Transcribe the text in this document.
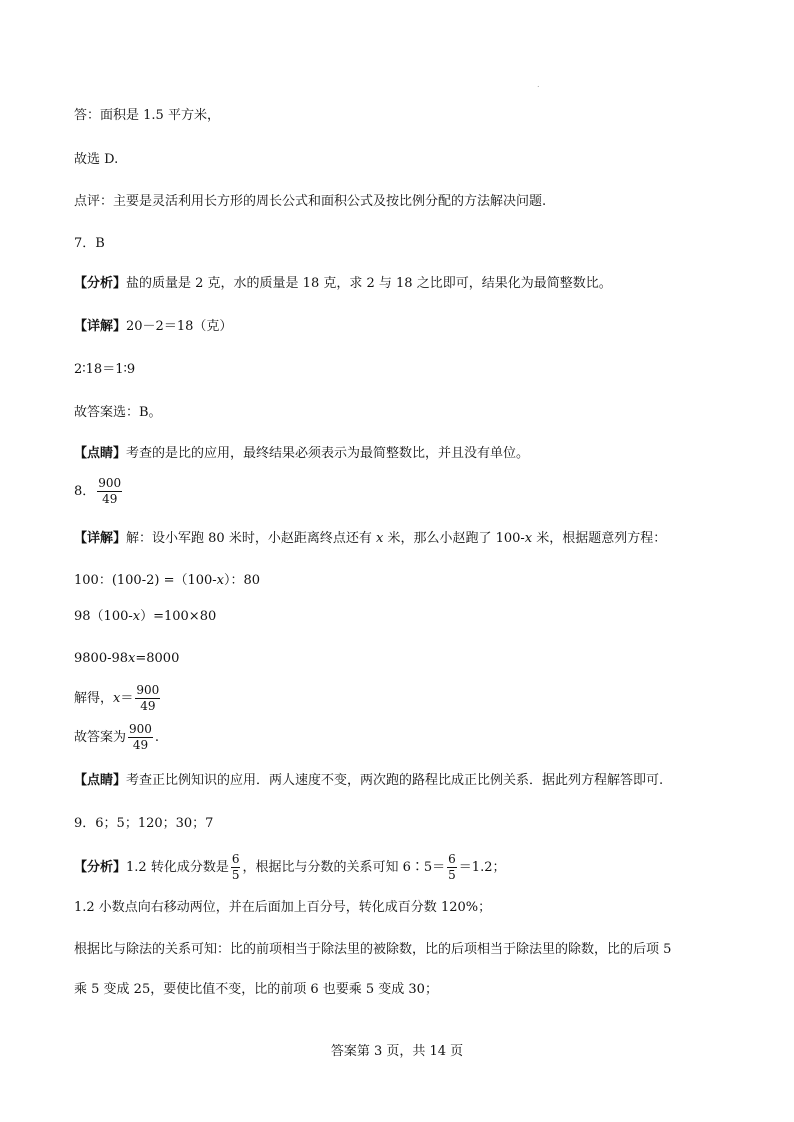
.
答：面积是 1.5 平方米，
故选 D.
点评：主要是灵活利用长方形的周长公式和面积公式及按比例分配的方法解决问题.
7．B
【分析】盐的质量是 2 克，水的质量是 18 克，求 2 与 18 之比即可，结果化为最简整数比。
【详解】20－2＝18（克）
2∶18＝1∶9
故答案选：B。
【点睛】考查的是比的应用，最终结果必须表示为最简整数比，并且没有单位。
8． $\frac{900}{49}$
【详解】解：设小军跑 80 米时，小赵距离终点还有 x 米，那么小赵跑了 100-x 米，根据题意列方程：
100：(100-2) =（100-x）：80
98（100-x）=100×80
9800-98x=8000
解得，$x= \frac{900}{49}$
故答案为 $\frac{900}{49}$ .
【点睛】考查正比例知识的应用．两人速度不变，两次跑的路程比成正比例关系．据此列方程解答即可.
9．6；5；120；30；7
【分析】1.2 转化成分数是 $\frac{6}{5}$ ，根据比与分数的关系可知 6∶5＝ $\frac{6}{5} =1.2$；
1.2 小数点向右移动两位，并在后面加上百分号，转化成百分数 120%；
根据比与除法的关系可知：比的前项相当于除法里的被除数，比的后项相当于除法里的除数，比的后项 5
乘 5 变成 25，要使比值不变，比的前项 6 也要乘 5 变成 30；
答案第 3 页，共 14 页
